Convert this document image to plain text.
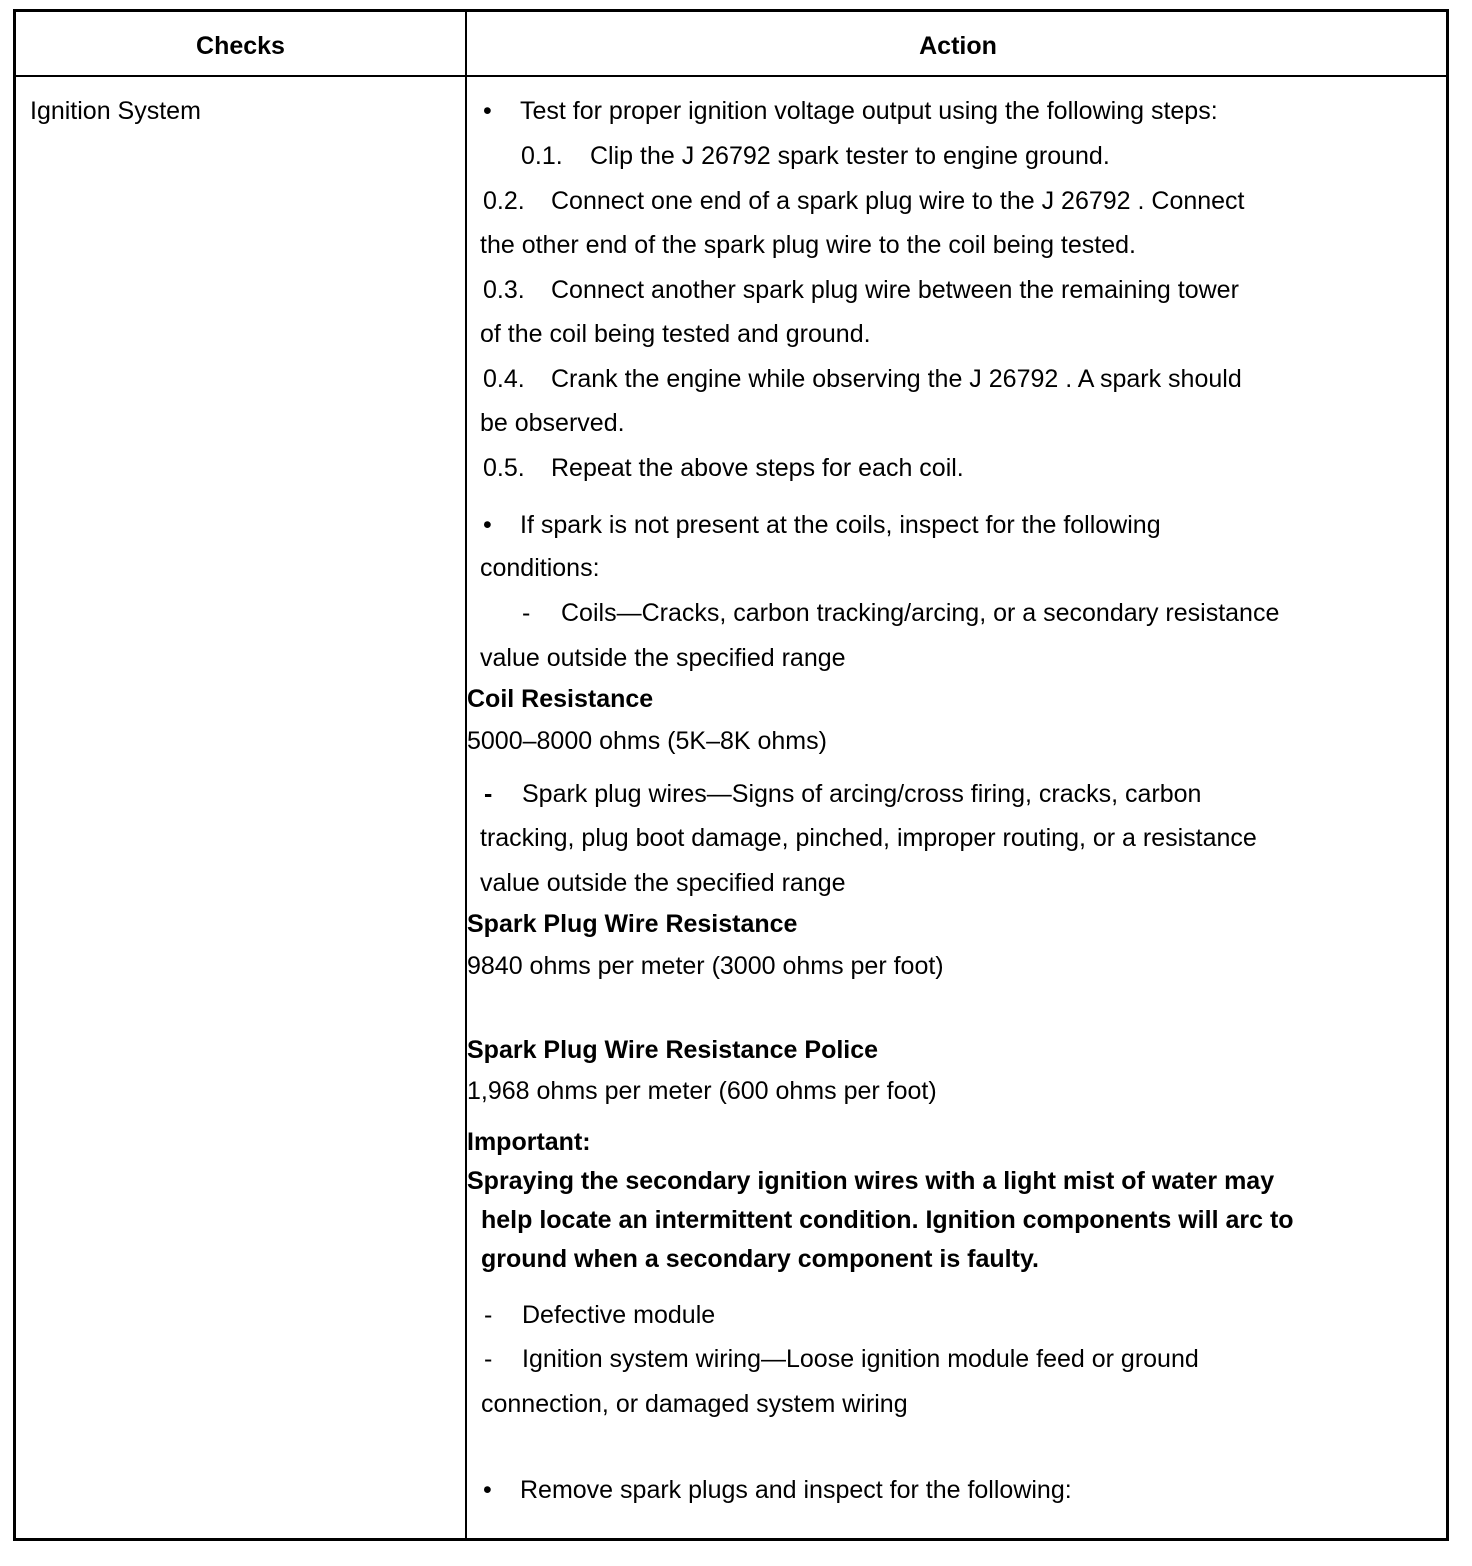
Checks	Action
Ignition System	• Test for proper ignition voltage output using the following steps:
0.1. Clip the J 26792 spark tester to engine ground.
0.2. Connect one end of a spark plug wire to the J 26792 . Connect
the other end of the spark plug wire to the coil being tested.
0.3. Connect another spark plug wire between the remaining tower
of the coil being tested and ground.
0.4. Crank the engine while observing the J 26792 . A spark should
be observed.
0.5. Repeat the above steps for each coil.
• If spark is not present at the coils, inspect for the following
conditions:
- Coils—Cracks, carbon tracking/arcing, or a secondary resistance
value outside the specified range
Coil Resistance
5000–8000 ohms (5K–8K ohms)
- Spark plug wires—Signs of arcing/cross firing, cracks, carbon
tracking, plug boot damage, pinched, improper routing, or a resistance
value outside the specified range
Spark Plug Wire Resistance
9840 ohms per meter (3000 ohms per foot)
Spark Plug Wire Resistance Police
1,968 ohms per meter (600 ohms per foot)
Important:
Spraying the secondary ignition wires with a light mist of water may
help locate an intermittent condition. Ignition components will arc to
ground when a secondary component is faulty.
- Defective module
- Ignition system wiring—Loose ignition module feed or ground
connection, or damaged system wiring
• Remove spark plugs and inspect for the following:
